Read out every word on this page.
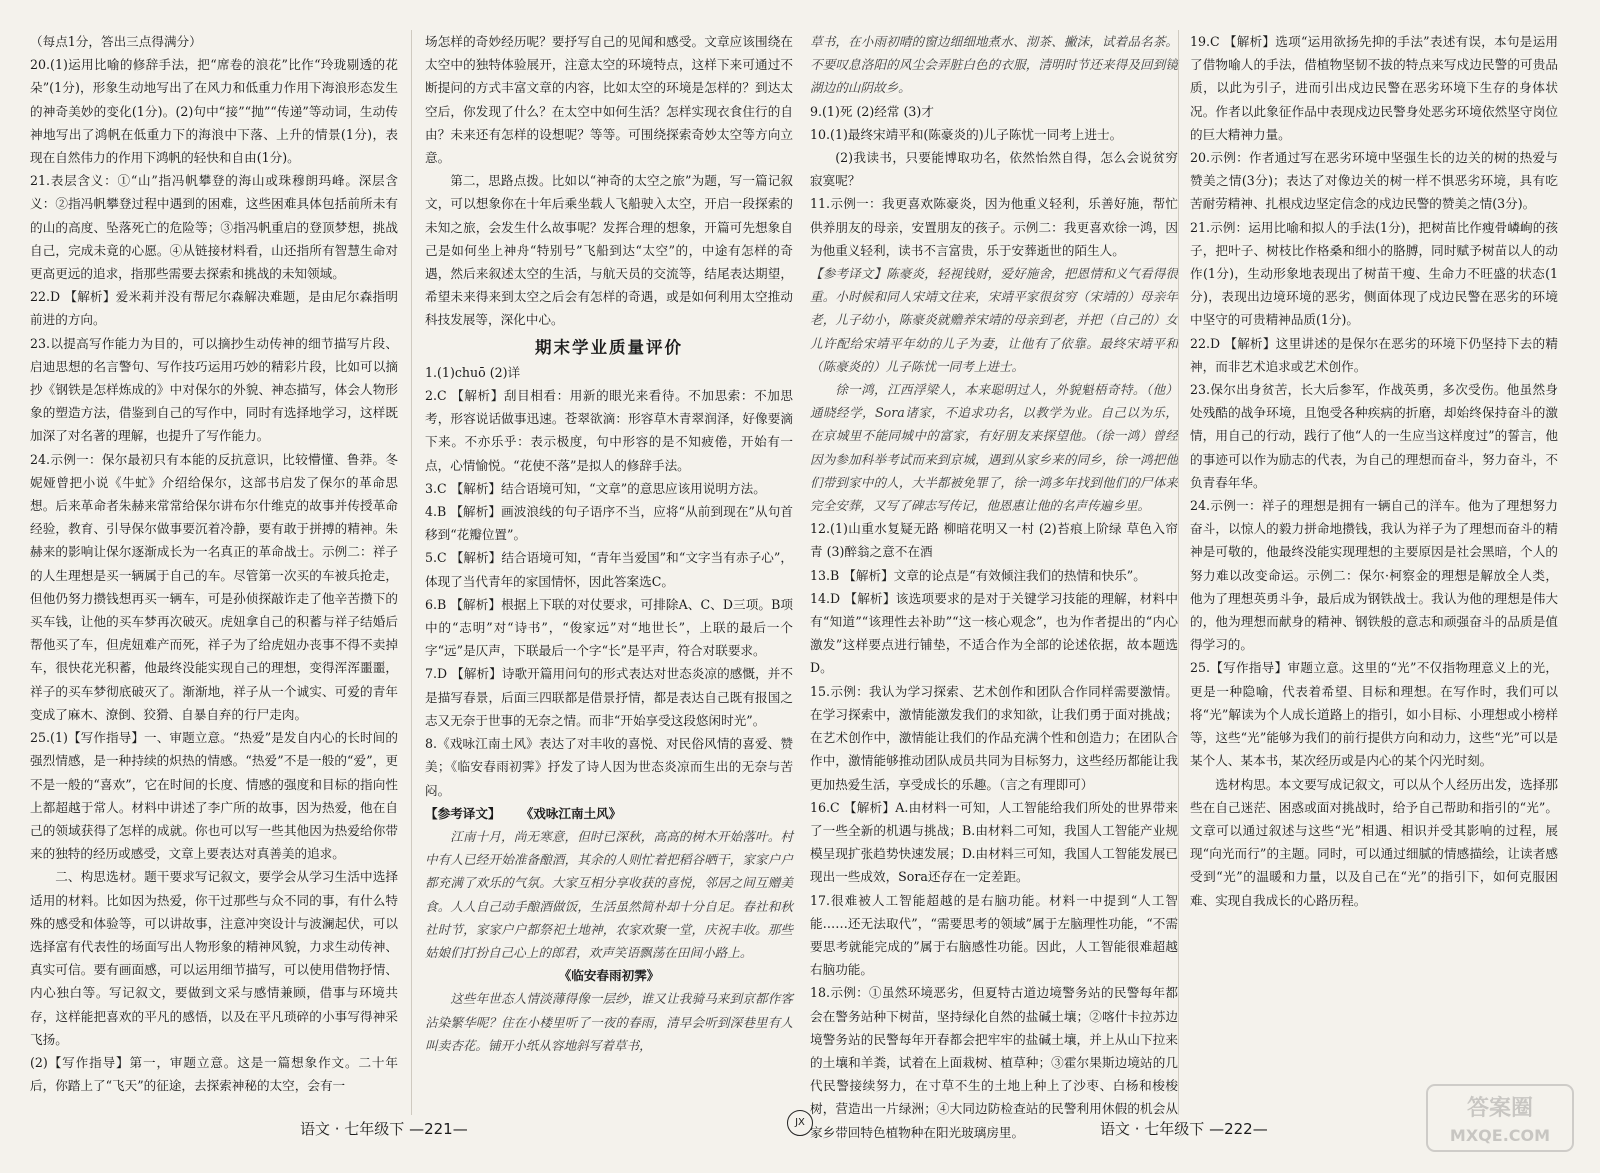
（每点1分，答出三点得满分）

20.(1)运用比喻的修辞手法，把“席卷的浪花”比作“玲珑剔透的花朵”(1分)，形象生动地写出了在风力和低重力作用下海浪形态发生的神奇美妙的变化(1分)。(2)句中“接”“抛”“传递”等动词，生动传神地写出了鸿帆在低重力下的海浪中下落、上升的情景(1分)，表现在自然伟力的作用下鸿帆的轻快和自由(1分)。

21.表层含义：①“山”指冯帆攀登的海山或珠穆朗玛峰。深层含义：②指冯帆攀登过程中遇到的困难，这些困难具体包括前所未有的山的高度、坠落死亡的危险等；③指冯帆重启的登顶梦想，挑战自己，完成未竟的心愿。④从链接材料看，山还指所有智慧生命对更高更远的追求，指那些需要去探索和挑战的未知领域。

22.D 【解析】爱米莉并没有帮尼尔森解决难题，是由尼尔森指明前进的方向。

23.以提高写作能力为目的，可以摘抄生动传神的细节描写片段、启迪思想的名言警句、写作技巧运用巧妙的精彩片段，比如可以摘抄《钢铁是怎样炼成的》中对保尔的外貌、神态描写，体会人物形象的塑造方法，借鉴到自己的写作中，同时有选择地学习，这样既加深了对名著的理解，也提升了写作能力。

24.示例一：保尔最初只有本能的反抗意识，比较懵懂、鲁莽。冬妮娅曾把小说《牛虻》介绍给保尔，这部书启发了保尔的革命思想。后来革命者朱赫来常常给保尔讲布尔什维克的故事并传授革命经验，教育、引导保尔做事要沉着冷静，要有敢于拼搏的精神。朱赫来的影响让保尔逐渐成长为一名真正的革命战士。示例二：祥子的人生理想是买一辆属于自己的车。尽管第一次买的车被兵抢走，但他仍努力攒钱想再买一辆车，可是孙侦探敲诈走了他辛苦攒下的买车钱，让他的买车梦再次破灭。虎妞拿自己的积蓄与祥子结婚后帮他买了车，但虎妞难产而死，祥子为了给虎妞办丧事不得不卖掉车，很快花光积蓄，他最终没能实现自己的理想，变得浑浑噩噩，祥子的买车梦彻底破灭了。渐渐地，祥子从一个诚实、可爱的青年变成了麻木、潦倒、狡猾、自暴自弃的行尸走肉。

25.(1)【写作指导】一、审题立意。“热爱”是发自内心的长时间的强烈情感，是一种持续的炽热的情感。“热爱”不是一般的“爱”，更不是一般的“喜欢”，它在时间的长度、情感的强度和目标的指向性上都超越于常人。材料中讲述了李广所的故事，因为热爱，他在自己的领域获得了怎样的成就。你也可以写一些其他因为热爱给你带来的独特的经历或感受，文章上要表达对真善美的追求。

二、构思选材。题干要求写记叙文，要学会从学习生活中选择适用的材料。比如因为热爱，你干过那些与众不同的事，有什么特殊的感受和体验等，可以讲故事，注意冲突设计与波澜起伏，可以选择富有代表性的场面写出人物形象的精神风貌，力求生动传神、真实可信。要有画面感，可以运用细节描写，可以使用借物抒情、内心独白等。写记叙文，要做到文采与感情兼顾，借事与环境共存，这样能把喜欢的平凡的感悟，以及在平凡琐碎的小事写得神采飞扬。

(2)【写作指导】第一，审题立意。这是一篇想象作文。二十年后，你踏上了“飞天”的征途，去探索神秘的太空，会有一

场怎样的奇妙经历呢？要抒写自己的见闻和感受。文章应该围绕在太空中的独特体验展开，注意太空的环境特点，这样下来可通过不断提问的方式丰富文章的内容，比如太空的环境是怎样的？到达太空后，你发现了什么？在太空中如何生活？怎样实现衣食住行的自由？未来还有怎样的设想呢？等等。可围绕探索奇妙太空等方向立意。

第二，思路点拨。比如以“神奇的太空之旅”为题，写一篇记叙文，可以想象你在十年后乘坐载人飞船驶入太空，开启一段探索的未知之旅，会发生什么故事呢？发挥合理的想象，开篇可先想象自己是如何坐上神舟“特别号”飞船到达“太空”的，中途有怎样的奇遇，然后来叙述太空的生活，与航天员的交流等，结尾表达期望，希望未来得来到太空之后会有怎样的奇遇，或是如何利用太空推动科技发展等，深化中心。

期末学业质量评价

1.(1)chuō (2)详

2.C 【解析】刮目相看：用新的眼光来看待。不加思索：不加思考，形容说话做事迅速。苍翠欲滴：形容草木青翠润泽，好像要滴下来。不亦乐乎：表示极度，句中形容的是不知疲倦，开始有一点，心情愉悦。“花使不落”是拟人的修辞手法。

3.C 【解析】结合语境可知，“文章”的意思应该用说明方法。

4.B 【解析】画波浪线的句子语序不当，应将“从前到现在”从句首移到“花瓣位置”。

5.C 【解析】结合语境可知，“青年当爱国”和“文字当有赤子心”，体现了当代青年的家国情怀，因此答案选C。

6.B 【解析】根据上下联的对仗要求，可排除A、C、D三项。B项中的“志明”对“诗书”，“俊家远”对“地世长”，上联的最后一个字“远”是仄声，下联最后一个字“长”是平声，符合对联要求。

7.D 【解析】诗歌开篇用问句的形式表达对世态炎凉的感慨，并不是描写春景，后面三四联都是借景抒情，都是表达自己既有报国之志又无奈于世事的无奈之情。而非“开始享受这段悠闲时光”。

8.《戏咏江南土风》表达了对丰收的喜悦、对民俗风情的喜爱、赞美；《临安春雨初霁》抒发了诗人因为世态炎凉而生出的无奈与苦闷。

【参考译文】 《戏咏江南土风》

江南十月，尚无寒意，但时已深秋，高高的树木开始落叶。村中有人已经开始准备酿酒，其余的人则忙着把稻谷晒干，家家户户都充满了欢乐的气氛。大家互相分享收获的喜悦，邻居之间互赠美食。人人自己动手酿酒做饭，生活虽然简朴却十分自足。春社和秋社时节，家家户户都祭祀土地神，农家欢聚一堂，庆祝丰收。那些姑娘们打扮自己心上的郎君，欢声笑语飘荡在田间小路上。

《临安春雨初霁》

这些年世态人情淡薄得像一层纱，谁又让我骑马来到京都作客沾染繁华呢？住在小楼里听了一夜的春雨，清早会听到深巷里有人叫卖杏花。铺开小纸从容地斜写着草书，

草书，在小雨初晴的窗边细细地煮水、沏茶、撇沫，试着品名茶。不要叹息洛阳的风尘会弄脏白色的衣服，清明时节还来得及回到镜湖边的山阴故乡。

9.(1)死 (2)经常 (3)才

10.(1)最终宋靖平和(陈豪炎的)儿子陈忧一同考上进士。

(2)我读书，只要能博取功名，依然怡然自得，怎么会说贫穷寂寞呢？

11.示例一：我更喜欢陈豪炎，因为他重义轻利，乐善好施，帮忙供养朋友的母亲，安置朋友的孩子。示例二：我更喜欢徐一鸿，因为他重义轻利，读书不言富贵，乐于安葬逝世的陌生人。

【参考译文】陈豪炎，轻视钱财，爱好施舍，把恩情和义气看得很重。小时候和同人宋靖文往来，宋靖平家很贫穷（宋靖的）母亲年老，儿子幼小，陈豪炎就赡养宋靖的母亲到老，并把（自己的）女儿许配给宋靖平年幼的儿子为妻，让他有了依靠。最终宋靖平和（陈豪炎的）儿子陈忧一同考上进士。

徐一鸿，江西浮梁人，本来聪明过人，外貌魁梧奇特。（他）通晓经学，Sora诸家，不追求功名，以教学为业。自己以为乐，在京城里不能同城中的富家，有好朋友来探望他。（徐一鸿）曾经因为参加科举考试而来到京城，遇到从家乡来的同乡，徐一鸿把他们带到家中的人，大半都被免罪了，徐一鸿多年找到他们的尸体来完全安葬，又写了碑志写传记，他恩惠让他的名声传遍乡里。

12.(1)山重水复疑无路 柳暗花明又一村 (2)苔痕上阶绿 草色入帘青 (3)醉翁之意不在酒

13.B 【解析】文章的论点是“有效倾注我们的热情和快乐”。

14.D 【解析】该选项要求的是对于关键学习技能的理解，材料中有“知道”“该理性去补助”“这一核心观念”，也为作者提出的“内心激发”这样要点进行铺垫，不适合作为全部的论述依据，故本题选D。

15.示例：我认为学习探索、艺术创作和团队合作同样需要激情。在学习探索中，激情能激发我们的求知欲，让我们勇于面对挑战；在艺术创作中，激情能让我们的作品充满个性和创造力；在团队合作中，激情能够推动团队成员共同为目标努力，这些经历都能让我更加热爱生活，享受成长的乐趣。（言之有理即可）

16.C 【解析】A.由材料一可知，人工智能给我们所处的世界带来了一些全新的机遇与挑战；B.由材料二可知，我国人工智能产业规模呈现扩张趋势快速发展；D.由材料三可知，我国人工智能发展已现出一些成效，Sora还存在一定差距。

17.很难被人工智能超越的是右脑功能。材料一中提到“人工智能……还无法取代”，“需要思考的领域”属于左脑理性功能，“不需要思考就能完成的”属于右脑感性功能。因此，人工智能很难超越右脑功能。

18.示例：①虽然环境恶劣，但夏特古道边境警务站的民警每年都会在警务站种下树苗，坚持绿化自然的盐碱土壤；②喀什卡拉苏边境警务站的民警每年开春都会把牢牢的盐碱土壤，并上从山下拉来的土壤和羊粪，试着在上面栽树、植草种；③霍尔果斯边境站的几代民警接续努力，在寸草不生的土地上种上了沙枣、白杨和梭梭树，营造出一片绿洲；④大同边防检查站的民警利用休假的机会从家乡带回特色植物种在阳光玻璃房里。

19.C 【解析】选项“运用欲扬先抑的手法”表述有误，本句是运用了借物喻人的手法，借植物坚韧不拔的特点来写戍边民警的可贵品质，以此为引子，进而引出戍边民警在恶劣环境下生存的身体状况。作者以此象征作品中表现戍边民警身处恶劣环境依然坚守岗位的巨大精神力量。

20.示例：作者通过写在恶劣环境中坚强生长的边关的树的热爱与赞美之情(3分)；表达了对像边关的树一样不惧恶劣环境，具有吃苦耐劳精神、扎根戍边坚定信念的戍边民警的赞美之情(3分)。

21.示例：运用比喻和拟人的手法(1分)，把树苗比作瘦骨嶙峋的孩子，把叶子、树枝比作格桑和细小的胳膊，同时赋予树苗以人的动作(1分)，生动形象地表现出了树苗干瘦、生命力不旺盛的状态(1分)，表现出边境环境的恶劣，侧面体现了戍边民警在恶劣的环境中坚守的可贵精神品质(1分)。

22.D 【解析】这里讲述的是保尔在恶劣的环境下仍坚持下去的精神，而非艺术追求或艺术创作。

23.保尔出身贫苦，长大后参军，作战英勇，多次受伤。他虽然身处残酷的战争环境，且饱受各种疾病的折磨，却始终保持奋斗的激情，用自己的行动，践行了他“人的一生应当这样度过”的誓言，他的事迹可以作为励志的代表，为自己的理想而奋斗，努力奋斗，不负青春年华。

24.示例一：祥子的理想是拥有一辆自己的洋车。他为了理想努力奋斗，以惊人的毅力拼命地攒钱，我认为祥子为了理想而奋斗的精神是可敬的，他最终没能实现理想的主要原因是社会黑暗，个人的努力难以改变命运。示例二：保尔·柯察金的理想是解放全人类，他为了理想英勇斗争，最后成为钢铁战士。我认为他的理想是伟大的，他为理想而献身的精神、钢铁般的意志和顽强奋斗的品质是值得学习的。

25.【写作指导】审题立意。这里的“光”不仅指物理意义上的光，更是一种隐喻，代表着希望、目标和理想。在写作时，我们可以将“光”解读为个人成长道路上的指引，如小目标、小理想或小榜样等，这些“光”能够为我们的前行提供方向和动力，这些“光”可以是某个人、某本书，某次经历或是内心的某个闪光时刻。

选材构思。本文要写成记叙文，可以从个人经历出发，选择那些在自己迷茫、困惑或面对挑战时，给予自己帮助和指引的“光”。文章可以通过叙述与这些“光”相遇、相识并受其影响的过程，展现“向光而行”的主题。同时，可以通过细腻的情感描绘，让读者感受到“光”的温暖和力量，以及自己在“光”的指引下，如何克服困难、实现自我成长的心路历程。

语文 · 七年级下 —221—	JX	语文 · 七年级下 —222—
答案圈
MXQE.COM
